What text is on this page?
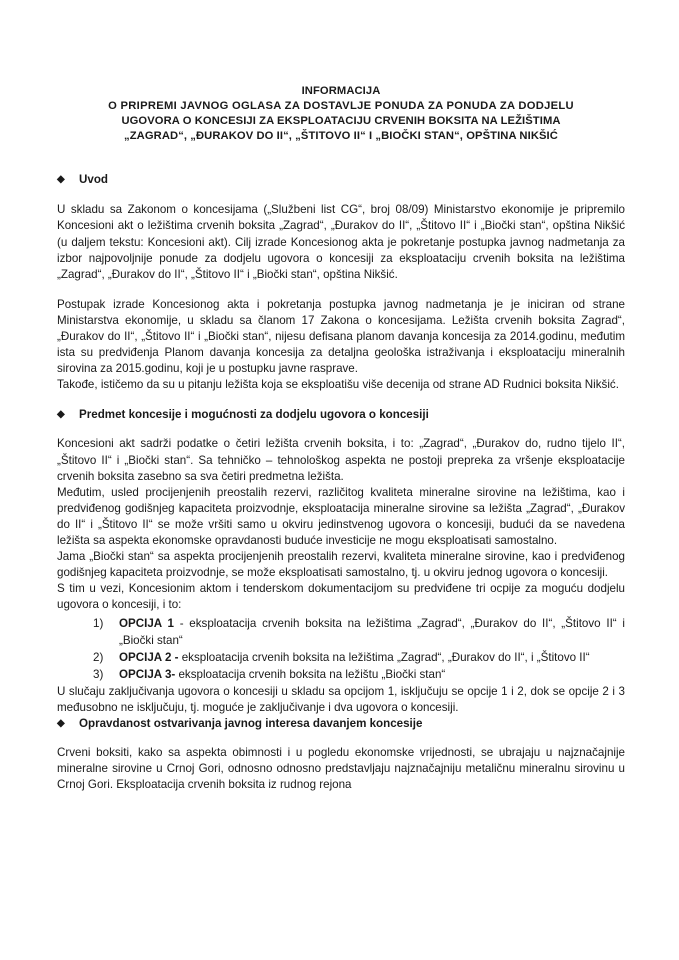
INFORMACIJA
O PRIPREMI JAVNOG OGLASA ZA DOSTAVLJE PONUDA ZA PONUDA ZA DODJELU
UGOVORA O KONCESIJI ZA EKSPLOATACIJU CRVENIH BOKSITA NA LEŽIŠTIMA
„ZAGRAD“, „ĐURAKOV DO II“, „ŠTITOVO II“ I „BIOČKI STAN“, OPŠTINA NIKŠIĆ
◆ Uvod

U skladu sa Zakonom o koncesijama („Službeni list CG“, broj 08/09) Ministarstvo ekonomije je pripremilo Koncesioni akt o ležištima crvenih boksita „Zagrad“, „Đurakov do II“, „Štitovo II“ i „Biočki stan“, opština Nikšić (u daljem tekstu: Koncesioni akt). Cilj izrade Koncesionog akta je pokretanje postupka javnog nadmetanja za izbor najpovoljnije ponude za dodjelu ugovora o koncesiji za eksploataciju crvenih boksita na ležištima „Zagrad“, „Đurakov do II“, „Štitovo II“ i „Biočki stan“, opština Nikšić.

Postupak izrade Koncesionog akta i pokretanja postupka javnog nadmetanja je je iniciran od strane Ministarstva ekonomije, u skladu sa članom 17 Zakona o koncesijama. Ležišta crvenih boksita Zagrad“, „Đurakov do II“, „Štitovo II“ i „Biočki stan“, nijesu defisana planom davanja koncesija za 2014.godinu, međutim ista su predviđenja Planom davanja koncesija za detaljna geološka istraživanja i eksploataciju mineralnih sirovina za 2015.godinu, koji je u postupku javne rasprave.

Takođe, ističemo da su u pitanju ležišta koja se eksploatišu više decenija od strane AD Rudnici boksita Nikšić.

◆ Predmet koncesije i mogućnosti za dodjelu ugovora o koncesiji

Koncesioni akt sadrži podatke o četiri ležišta crvenih boksita, i to: „Zagrad“, „Đurakov do, rudno tijelo II“, „Štitovo II“ i „Biočki stan“. Sa tehničko – tehnološkog aspekta ne postoji prepreka za vršenje eksploatacije crvenih boksita zasebno sa sva četiri predmetna ležišta.

Međutim, usled procijenjenih preostalih rezervi, različitog kvaliteta mineralne sirovine na ležištima, kao i predviđenog godišnjeg kapaciteta proizvodnje, eksploatacija mineralne sirovine sa ležišta „Zagrad“, „Đurakov do II“ i „Štitovo II“ se može vršiti samo u okviru jedinstvenog ugovora o koncesiji, budući da se navedena ležišta sa aspekta ekonomske opravdanosti buduće investicije ne mogu eksploatisati samostalno.

Jama „Biočki stan“ sa aspekta procijenjenih preostalih rezervi, kvaliteta mineralne sirovine, kao i predviđenog godišnjeg kapaciteta proizvodnje, se može eksploatisati samostalno, tj. u okviru jednog ugovora o koncesiji.

S tim u vezi, Koncesionim aktom i tenderskom dokumentacijom su predviđene tri ocpije za moguću dodjelu ugovora o koncesiji, i to:

OPCIJA 1 - eksploatacija crvenih boksita na ležištima „Zagrad“, „Đurakov do II“, „Štitovo II“ i „Biočki stan“
OPCIJA 2 - eksploatacija crvenih boksita na ležištima „Zagrad“, „Đurakov do II“, i „Štitovo II“
OPCIJA 3- eksploatacija crvenih boksita na ležištu „Biočki stan“

U slučaju zaključivanja ugovora o koncesiji u skladu sa opcijom 1, isključuju se opcije 1 i 2, dok se opcije 2 i 3 međusobno ne isključuju, tj. moguće je zaključivanje i dva ugovora o koncesiji.

◆ Opravdanost ostvarivanja javnog interesa davanjem koncesije

Crveni boksiti, kako sa aspekta obimnosti i u pogledu ekonomske vrijednosti, se ubrajaju u najznačajnije mineralne sirovine u Crnoj Gori, odnosno odnosno predstavljaju najznačajniju metaličnu mineralnu sirovinu u Crnoj Gori. Eksploatacija crvenih boksita iz rudnog rejona
